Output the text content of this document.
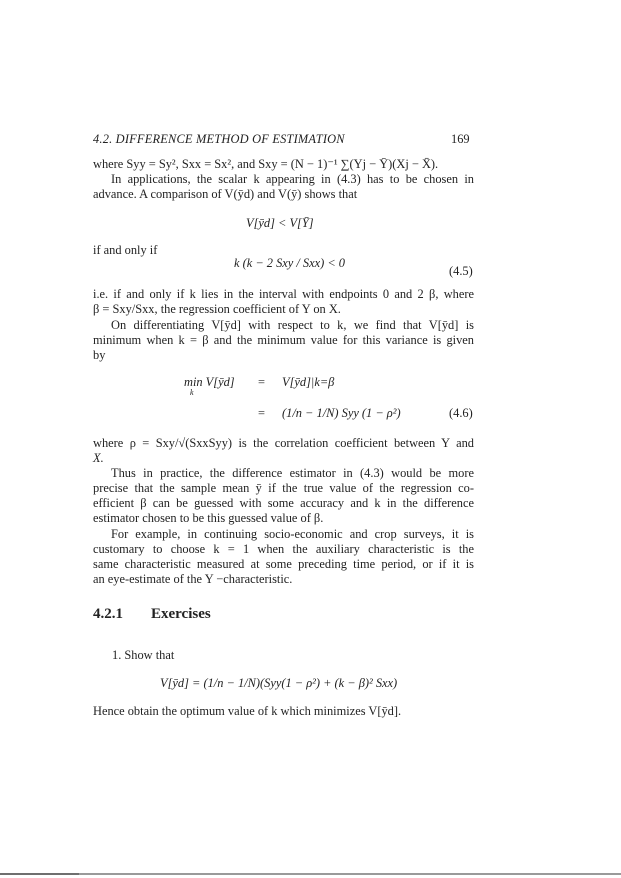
4.2. DIFFERENCE METHOD OF ESTIMATION	169
where Syy = Sy², Sxx = Sx², and Sxy = (N − 1)⁻¹ ∑(Yj − Ȳ)(Xj − X̄).
In applications, the scalar k appearing in (4.3) has to be chosen in
advance. A comparison of V(ȳd) and V(ȳ) shows that
V[ȳd] < V[Ȳ]
if and only if
k (k − 2 Sxy / Sxx) < 0
(4.5)
i.e. if and only if k lies in the interval with endpoints 0 and 2 β, where
β = Sxy/Sxx, the regression coefficient of Y on X.
On differentiating V[ȳd] with respect to k, we find that V[ȳd] is
minimum when k = β and the minimum value for this variance is given
by
min V[ȳd]
k
= V[ȳd]|k=β
= (1/n − 1/N) Syy (1 − ρ²)	(4.6)
where ρ = Sxy/√(SxxSyy) is the correlation coefficient between Y and
X.
Thus in practice, the difference estimator in (4.3) would be more
precise that the sample mean ȳ if the true value of the regression co-
efficient β can be guessed with some accuracy and k in the difference
estimator chosen to be this guessed value of β.
For example, in continuing socio-economic and crop surveys, it is
customary to choose k = 1 when the auxiliary characteristic is the
same characteristic measured at some preceding time period, or if it is
an eye-estimate of the Y −characteristic.
4.2.1 Exercises
1. Show that
V[ȳd] = (1/n − 1/N)(Syy(1 − ρ²) + (k − β)² Sxx)
Hence obtain the optimum value of k which minimizes V[ȳd].
